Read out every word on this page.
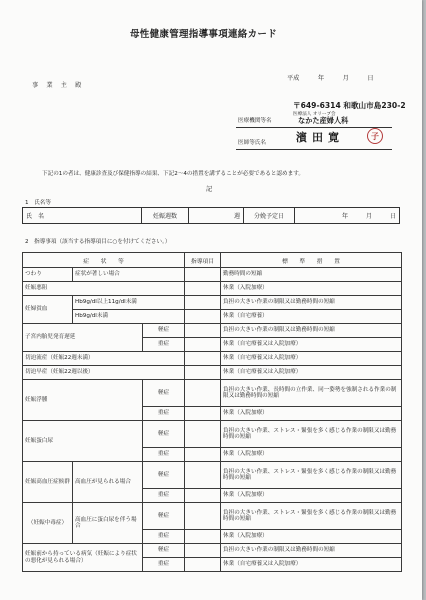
母性健康管理指導事項連絡カード
事　業　主　殿
平成　　　年　　　月　　　日
医療機関等名
〒649-6314 和歌山市島230-2
医療法人 オリーブ会
なかた産婦人科
医師等氏名	濱田寛	子
下記の1の者は、健康診査及び保健指導の結果、下記2～4の措置を講ずることが必要であると認めます。
記
1　氏名等
氏　名	妊娠週数	週	分娩予定日	年　　　月　　　日
2　指導事項（該当する指導項目に○を付けてください。）
症　　状　　等			指導項目	標　　準　　措　　置
つわり	症状が著しい場合			勤務時間の短縮
妊娠悪阻				休業（入院加療）
妊婦貧血	Hb9g/dl以上11g/dl未満			負担の大きい作業の制限又は勤務時間の短縮
	Hb9g/dl未満			休業（自宅療養）
子宮内胎児発育遅延		軽症		負担の大きい作業の制限又は勤務時間の短縮
		重症		休業（自宅療養又は入院加療）
切迫流産（妊娠22週未満）				休業（自宅療養又は入院加療）
切迫早産（妊娠22週以後）				休業（自宅療養又は入院加療）
妊娠浮腫		軽症		負担の大きい作業、長時間の立作業、同一姿勢を強制される作業の制限又は勤務時間の短縮
		重症		休業（入院加療）
妊娠蛋白尿		軽症		負担の大きい作業、ストレス・緊張を多く感じる作業の制限又は勤務時間の短縮
		重症		休業（入院加療）
妊娠高血圧症候群	高血圧が見られる場合	軽症		負担の大きい作業、ストレス・緊張を多く感じる作業の制限又は勤務時間の短縮
		重症		休業（入院加療）
（妊娠中毒症）	高血圧に蛋白尿を伴う場合	軽症		負担の大きい作業、ストレス・緊張を多く感じる作業の制限又は勤務時間の短縮
		重症		休業（入院加療）
妊娠前から持っている病気（妊娠により症状の悪化が見られる場合）		軽症		負担の大きい作業の制限又は勤務時間の短縮
		重症		休業（自宅療養又は入院加療）
